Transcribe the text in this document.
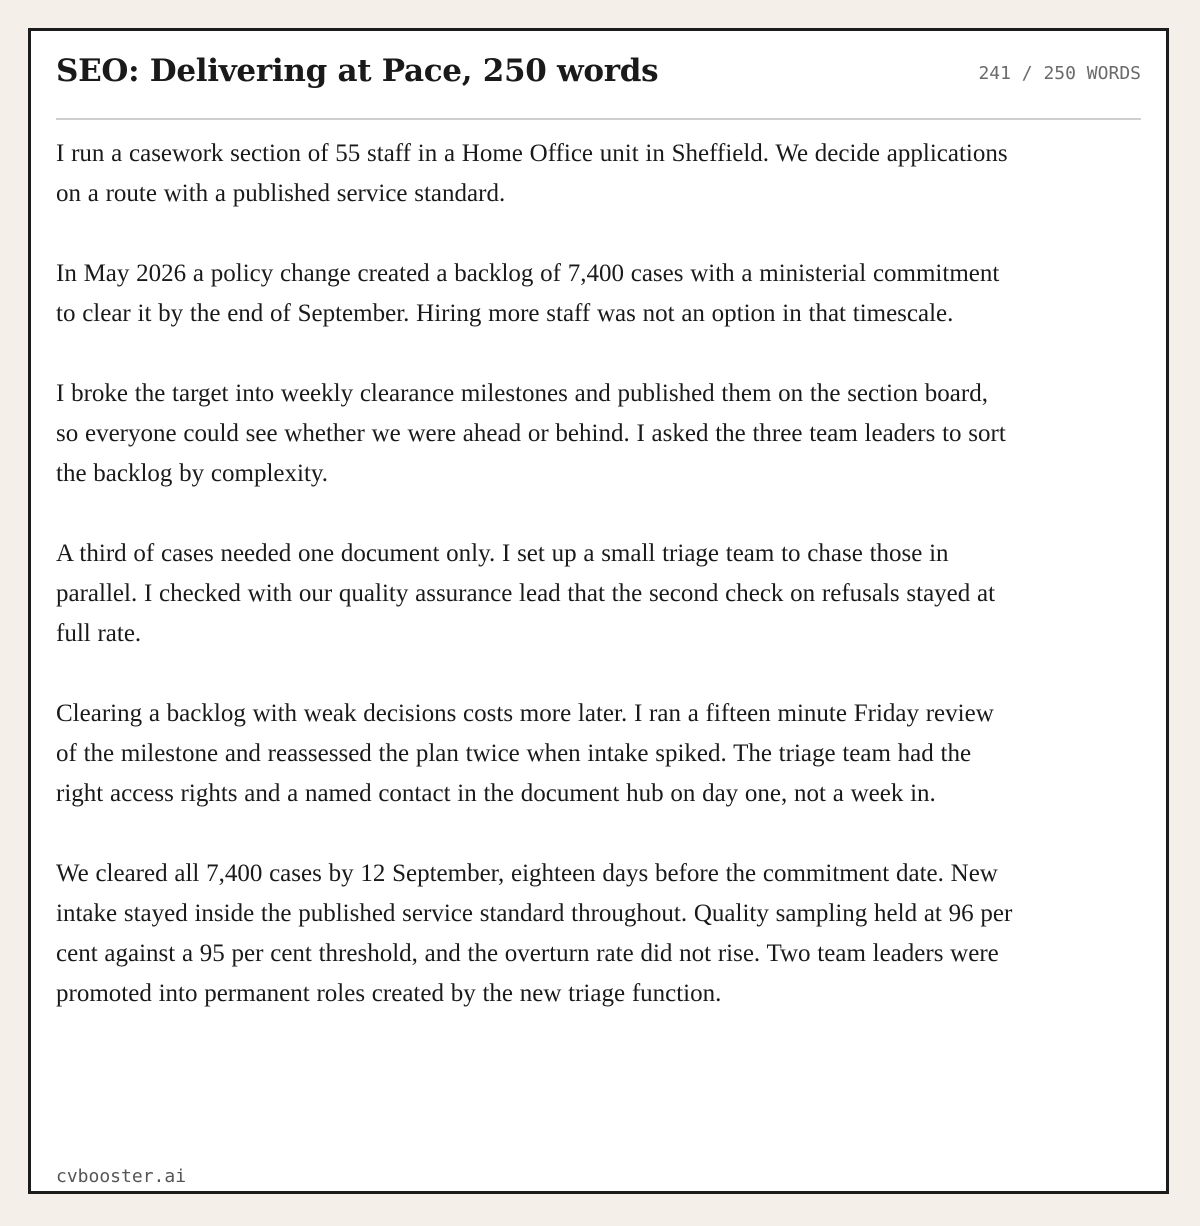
SEO: Delivering at Pace, 250 words	241 / 250 WORDS

I run a casework section of 55 staff in a Home Office unit in Sheffield. We decide applications on a route with a published service standard.

In May 2026 a policy change created a backlog of 7,400 cases with a ministerial commitment to clear it by the end of September. Hiring more staff was not an option in that timescale.

I broke the target into weekly clearance milestones and published them on the section board, so everyone could see whether we were ahead or behind. I asked the three team leaders to sort the backlog by complexity.

A third of cases needed one document only. I set up a small triage team to chase those in parallel. I checked with our quality assurance lead that the second check on refusals stayed at full rate.

Clearing a backlog with weak decisions costs more later. I ran a fifteen minute Friday review of the milestone and reassessed the plan twice when intake spiked. The triage team had the right access rights and a named contact in the document hub on day one, not a week in.

We cleared all 7,400 cases by 12 September, eighteen days before the commitment date. New intake stayed inside the published service standard throughout. Quality sampling held at 96 per cent against a 95 per cent threshold, and the overturn rate did not rise. Two team leaders were promoted into permanent roles created by the new triage function.

cvbooster.ai
